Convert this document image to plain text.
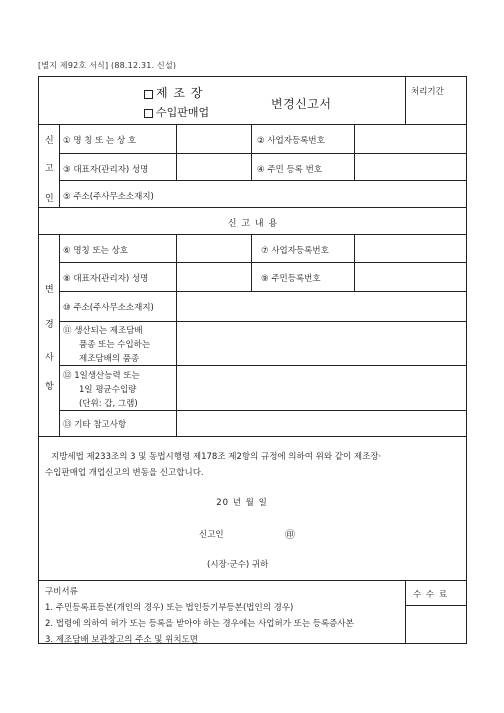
[별지 제92호 서식] (88.12.31. 신설)
제 조 장
수입판매업
변경신고서
처리기간
신
고
인
① 명 칭 또 는 상 호	② 사업자등록번호
③ 대표자(관리자) 성명	④ 주민 등록 번호
⑤ 주소(주사무소소재지)
신 고 내 용
변
경
사
항
⑥ 명칭 또는 상호	⑦ 사업자등록번호
⑧ 대표자(관리자) 성명	⑨ 주민등록번호
⑩ 주소(주사무소소재지)
⑪ 생산되는 제조담배
품종 또는 수입하는
제조담배의 품종
⑫ 1일생산능력 또는
1일 평균수입량
(단위: 갑, 그램)
⑬ 기타 참고사항
지방세법 제233조의 3 및 동법시행령 제178조 제2항의 규정에 의하여 위와 같이 제조장·
수입판매업 개업신고의 변동을 신고합니다.
20 년 월 일
신고인	㊞
(시장·군수) 귀하
구비서류
1. 주민등록표등본(개인의 경우) 또는 법인등기부등본(법인의 경우)
2. 법령에 의하여 허가 또는 등록을 받아야 하는 경우에는 사업허가 또는 등록증사본
3. 제조담배 보관창고의 주소 및 위치도면
수 수 료
